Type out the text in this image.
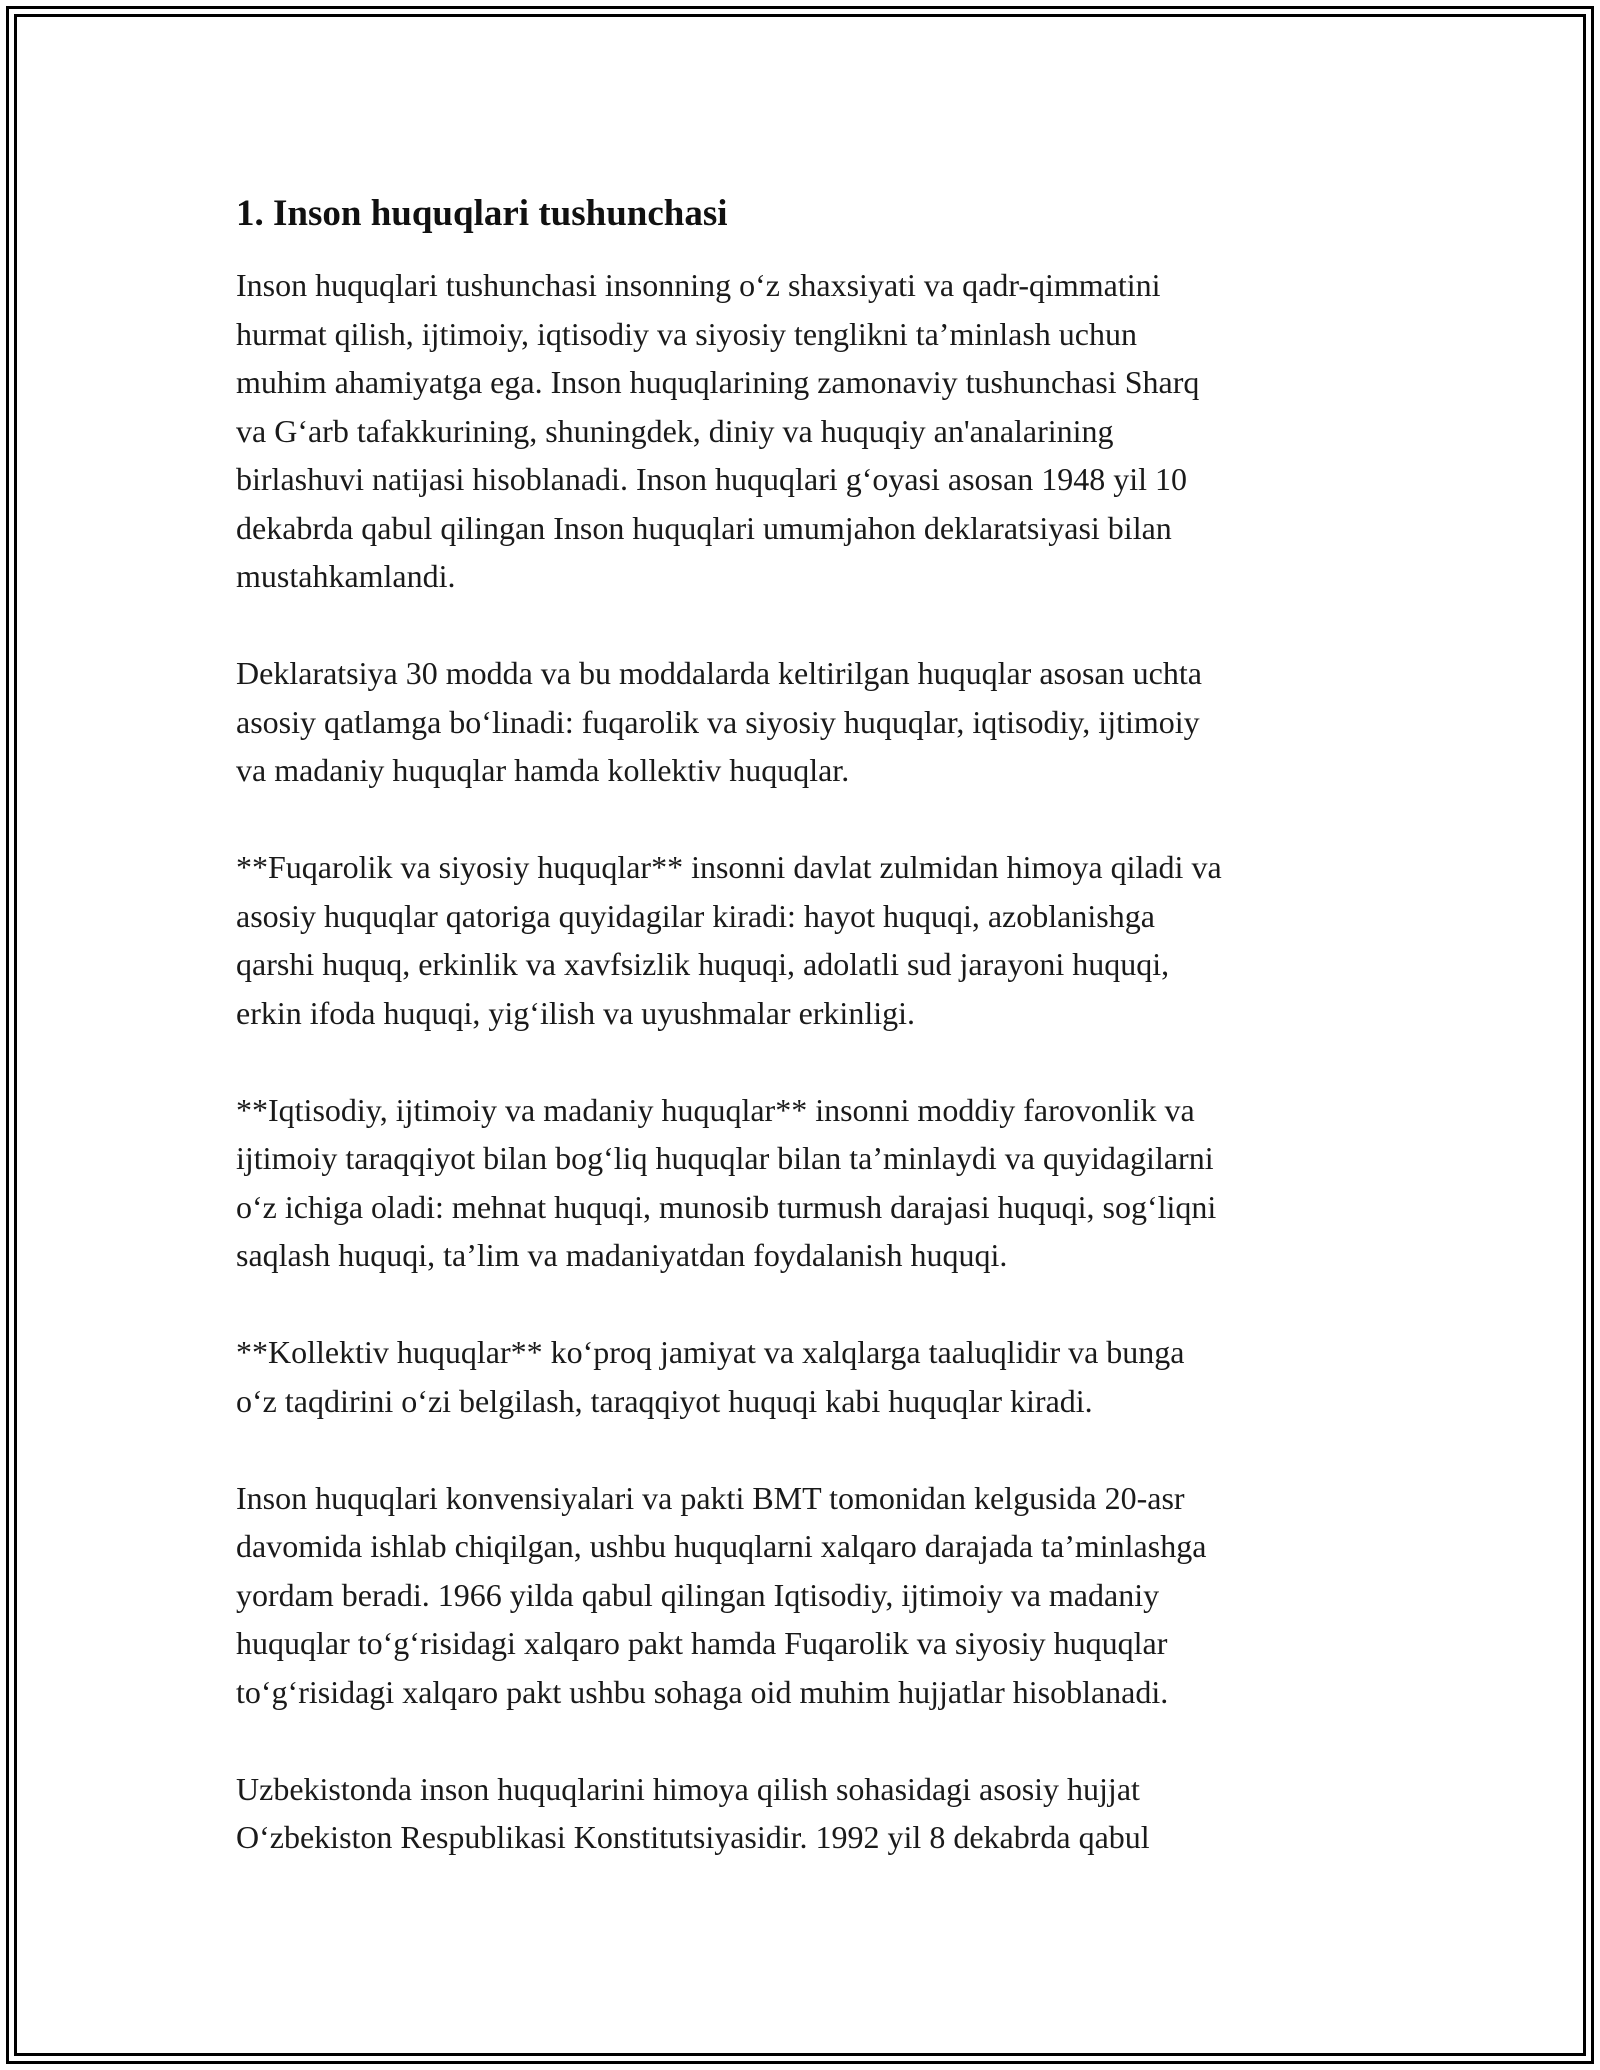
1. Inson huquqlari tushunchasi

Inson huquqlari tushunchasi insonning o‘z shaxsiyati va qadr-qimmatini
hurmat qilish, ijtimoiy, iqtisodiy va siyosiy tenglikni ta’minlash uchun
muhim ahamiyatga ega. Inson huquqlarining zamonaviy tushunchasi Sharq
va G‘arb tafakkurining, shuningdek, diniy va huquqiy an'analarining
birlashuvi natijasi hisoblanadi. Inson huquqlari g‘oyasi asosan 1948 yil 10
dekabrda qabul qilingan Inson huquqlari umumjahon deklaratsiyasi bilan
mustahkamlandi.

Deklaratsiya 30 modda va bu moddalarda keltirilgan huquqlar asosan uchta
asosiy qatlamga bo‘linadi: fuqarolik va siyosiy huquqlar, iqtisodiy, ijtimoiy
va madaniy huquqlar hamda kollektiv huquqlar.

**Fuqarolik va siyosiy huquqlar** insonni davlat zulmidan himoya qiladi va
asosiy huquqlar qatoriga quyidagilar kiradi: hayot huquqi, azoblanishga
qarshi huquq, erkinlik va xavfsizlik huquqi, adolatli sud jarayoni huquqi,
erkin ifoda huquqi, yig‘ilish va uyushmalar erkinligi.

**Iqtisodiy, ijtimoiy va madaniy huquqlar** insonni moddiy farovonlik va
ijtimoiy taraqqiyot bilan bog‘liq huquqlar bilan ta’minlaydi va quyidagilarni
o‘z ichiga oladi: mehnat huquqi, munosib turmush darajasi huquqi, sog‘liqni
saqlash huquqi, ta’lim va madaniyatdan foydalanish huquqi.

**Kollektiv huquqlar** ko‘proq jamiyat va xalqlarga taaluqlidir va bunga
o‘z taqdirini o‘zi belgilash, taraqqiyot huquqi kabi huquqlar kiradi.

Inson huquqlari konvensiyalari va pakti BMT tomonidan kelgusida 20-asr
davomida ishlab chiqilgan, ushbu huquqlarni xalqaro darajada ta’minlashga
yordam beradi. 1966 yilda qabul qilingan Iqtisodiy, ijtimoiy va madaniy
huquqlar to‘g‘risidagi xalqaro pakt hamda Fuqarolik va siyosiy huquqlar
to‘g‘risidagi xalqaro pakt ushbu sohaga oid muhim hujjatlar hisoblanadi.

Uzbekistonda inson huquqlarini himoya qilish sohasidagi asosiy hujjat
O‘zbekiston Respublikasi Konstitutsiyasidir. 1992 yil 8 dekabrda qabul
